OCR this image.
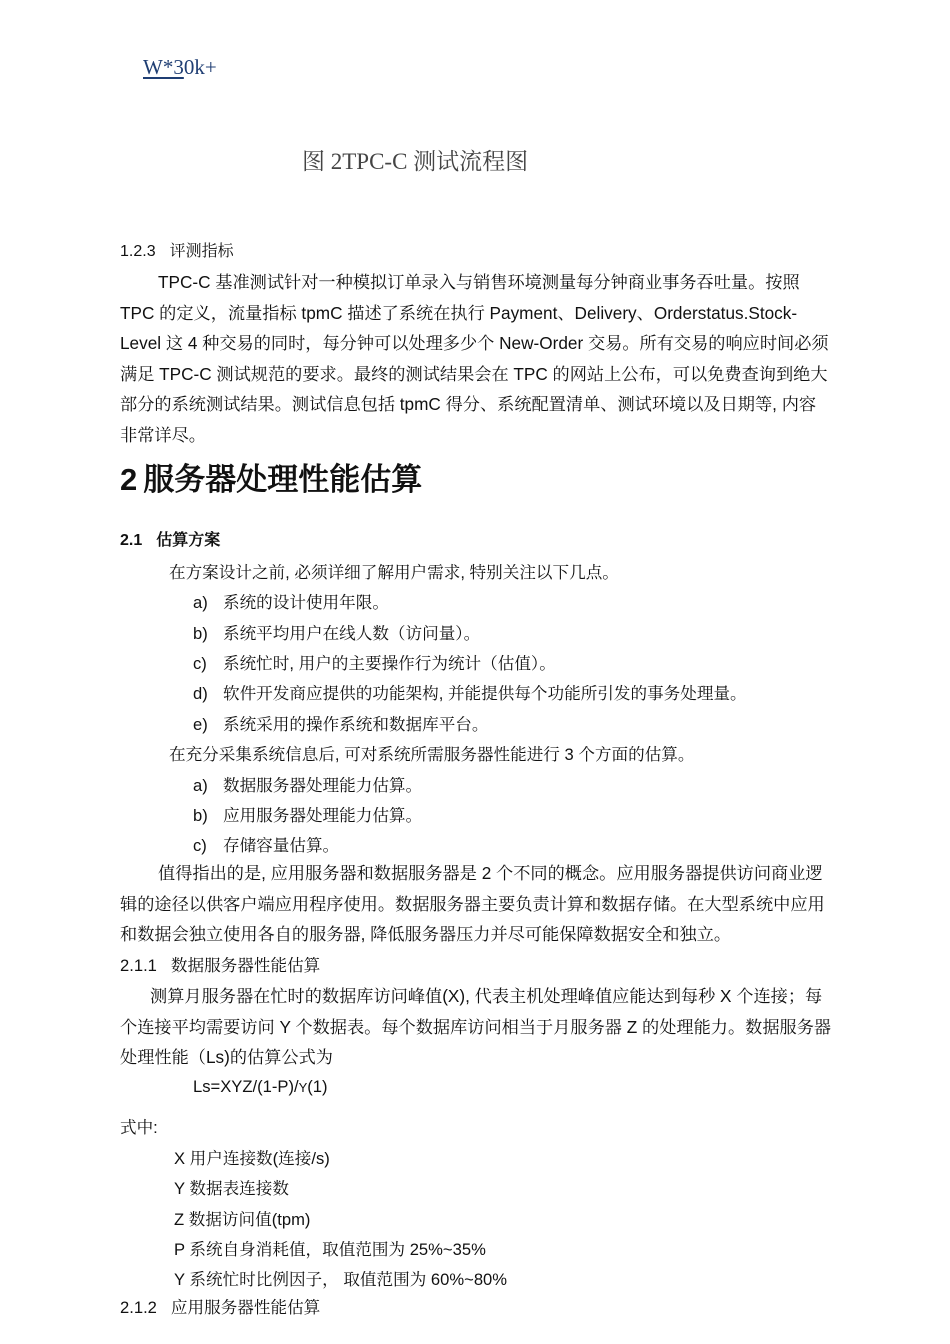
W*30k+
图 2TPC-C 测试流程图
1.2.3 评测指标

TPC-C 基准测试针对一种模拟订单录入与销售环境测量每分钟商业事务吞吐量。按照 TPC 的定义，流量指标 tpmC 描述了系统在执行 Payment、Delivery、Orderstatus.Stock-Level 这 4 种交易的同时，每分钟可以处理多少个 New-Order 交易。所有交易的响应时间必须满足 TPC-C 测试规范的要求。最终的测试结果会在 TPC 的网站上公布，可以免费查询到绝大部分的系统测试结果。测试信息包括 tpmC 得分、系统配置清单、测试环境以及日期等, 内容非常详尽。

2 服务器处理性能估算
2.1 估算方案
在方案设计之前, 必须详细了解用户需求, 特别关注以下几点。
a) 系统的设计使用年限。
b) 系统平均用户在线人数（访问量）。
c) 系统忙时, 用户的主要操作行为统计（估值）。
d) 软件开发商应提供的功能架构, 并能提供每个功能所引发的事务处理量。
e) 系统采用的操作系统和数据库平台。
在充分采集系统信息后, 可对系统所需服务器性能进行 3 个方面的估算。
a) 数据服务器处理能力估算。
b) 应用服务器处理能力估算。
c) 存储容量估算。

值得指出的是, 应用服务器和数据服务器是 2 个不同的概念。应用服务器提供访问商业逻辑的途径以供客户端应用程序使用。数据服务器主要负责计算和数据存储。在大型系统中应用和数据会独立使用各自的服务器, 降低服务器压力并尽可能保障数据安全和独立。

2.1.1 数据服务器性能估算

测算月服务器在忙时的数据库访问峰值(X), 代表主机处理峰值应能达到每秒 X 个连接；每个连接平均需要访问 Y 个数据表。每个数据库访问相当于月服务器 Z 的处理能力。数据服务器处理性能（Ls)的估算公式为

Ls=XYZ/(1-P)/Y(1)
式中:
X 用户连接数(连接/s)
Y 数据表连接数
Z 数据访问值(tpm)
P 系统自身消耗值，取值范围为 25%~35%
Y 系统忙时比例因子， 取值范围为 60%~80%
2.1.2 应用服务器性能估算
